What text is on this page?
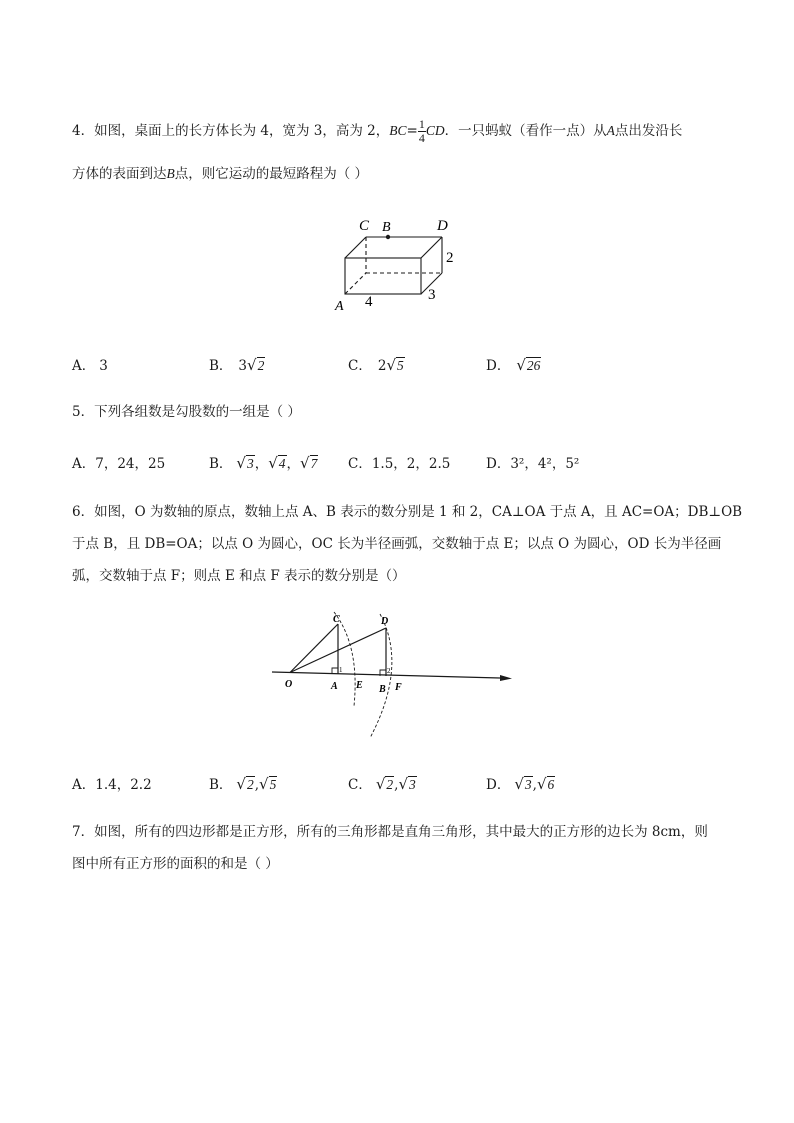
4．如图，桌面上的长方体长为 4，宽为 3，高为 2，$BC= \frac{1}{4}$ CD．一只蚂蚁（看作一点）从A点出发沿长
方体的表面到达B点，则它运动的最短路程为（ ）
C B	D
A 4
2
3
A． 3	B． 3√2	C． 2√5	D． √26
5．下列各组数是勾股数的一组是（ ）
A．7，24，25	B． √3，√4，√7 C．1.5，2，2.5	D．3²，4²，5²
6．如图，O 为数轴的原点，数轴上点 A、B 表示的数分别是 1 和 2，CA⊥OA 于点 A，且 AC=OA；DB⊥OB
于点 B，且 DB=OA；以点 O 为圆心，OC 长为半径画弧，交数轴于点 E；以点 O 为圆心，OD 长为半径画
弧，交数轴于点 F；则点 E 和点 F 表示的数分别是（）
O	A E B F
C	D
1	2
A．1.4，2.2	B． √2,√5	C． √2,√3	D． √3,√6
7．如图，所有的四边形都是正方形，所有的三角形都是直角三角形，其中最大的正方形的边长为 8cm，则
图中所有正方形的面积的和是（ ）
